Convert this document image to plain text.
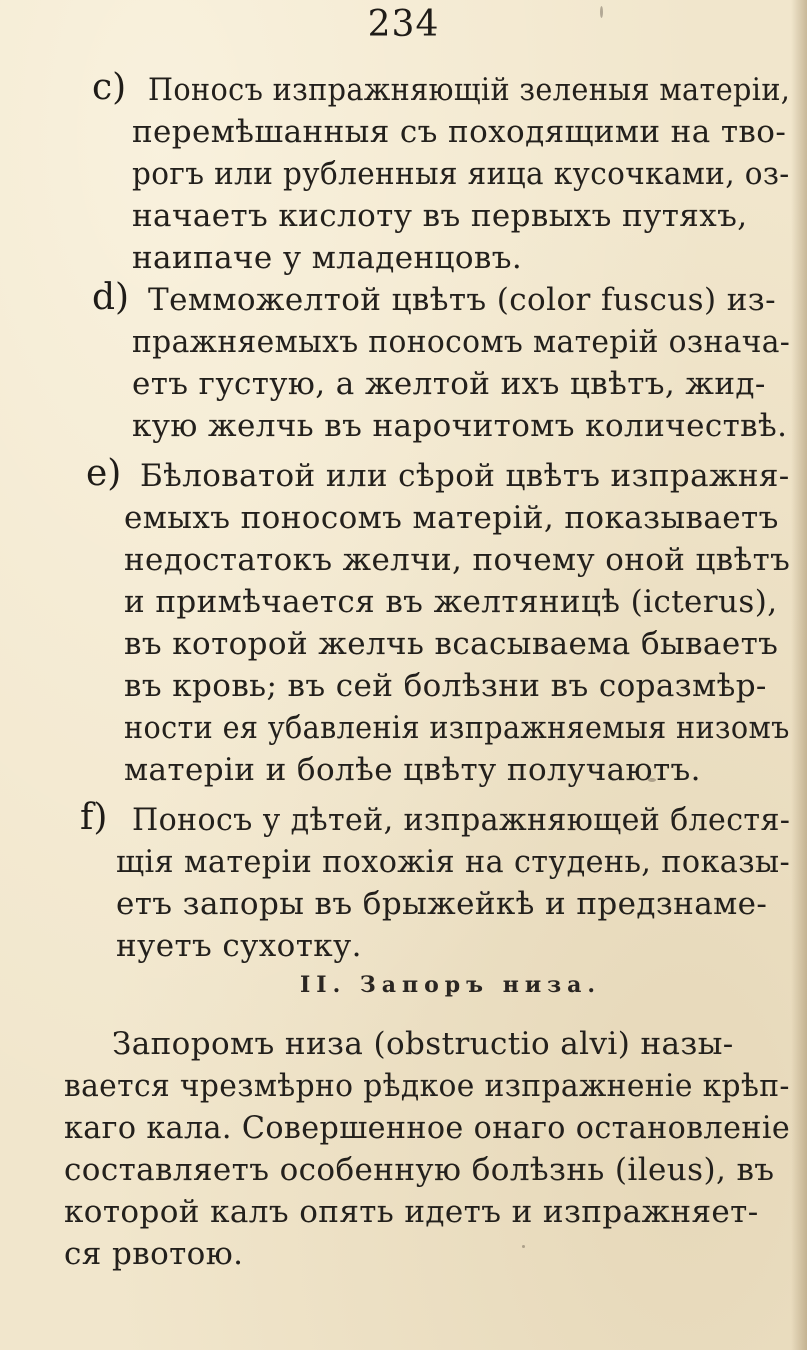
234
c) Поносъ изпражняющій зеленыя матеріи,
перемѣшанныя съ походящими на тво-
рогъ или рубленныя яица кусочками, оз-
начаетъ кислоту въ первыхъ путяхъ,
наипаче у младенцовъ.
d) Темможелтой цвѣтъ (color fuscus) из-
пражняемыхъ поносомъ матерій означа-
етъ густую, а желтой ихъ цвѣтъ, жид-
кую желчь въ нарочитомъ количествѣ.
e) Бѣловатой или сѣрой цвѣтъ изпражня-
емыхъ поносомъ матерій, показываетъ
недостатокъ желчи, почему оной цвѣтъ
и примѣчается въ желтяницѣ (icterus),
въ которой желчь всасываема бываетъ
въ кровь; въ сей болѣзни въ соразмѣр-
ности ея убавленія изпражняемыя низомъ
матеріи и болѣе цвѣту получаютъ.
f) Поносъ у дѣтей, изпражняющей блестя-
щія матеріи похожія на студень, показы-
етъ запоры въ брыжейкѣ и предзнаме-
нуетъ сухотку.
II. Запоръ низа.
Запоромъ низа (obstructio alvi) назы-
вается чрезмѣрно рѣдкое изпражненіе крѣп-
каго кала. Совершенное онаго остановленіе
составляетъ особенную болѣзнь (ileus), въ
которой калъ опять идетъ и изпражняет-
ся рвотою.
